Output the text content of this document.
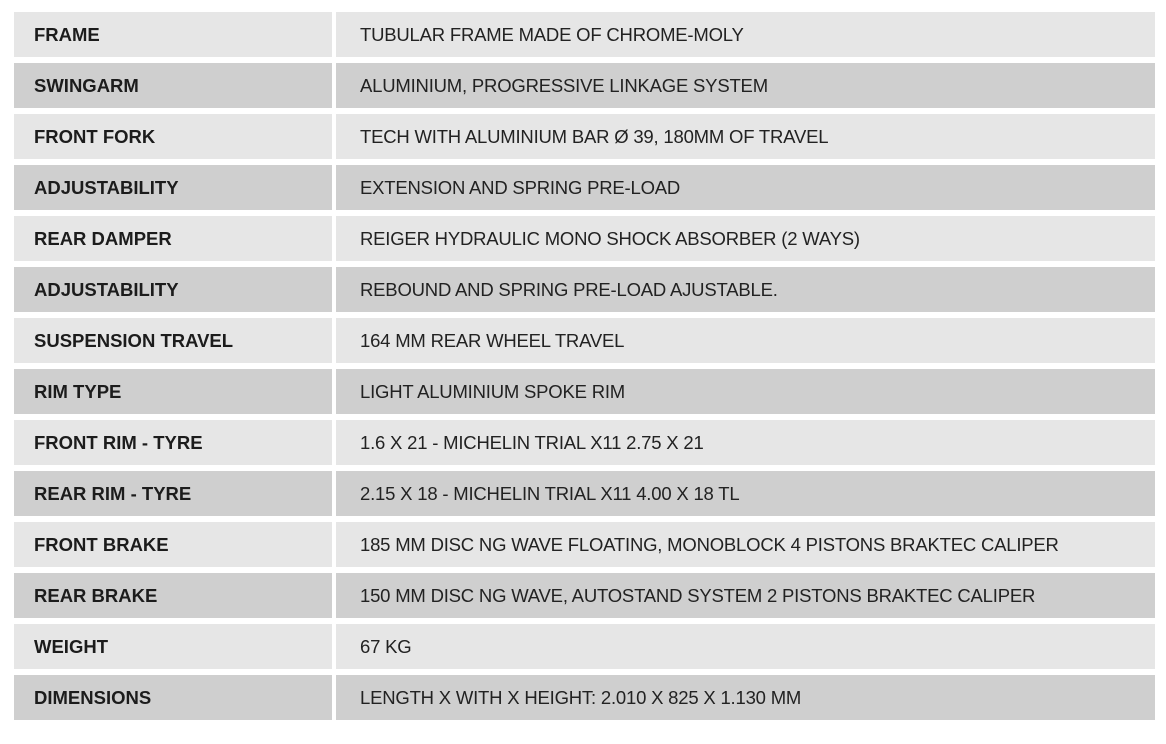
FRAME	TUBULAR FRAME MADE OF CHROME-MOLY
SWINGARM	ALUMINIUM, PROGRESSIVE LINKAGE SYSTEM
FRONT FORK	TECH WITH ALUMINIUM BAR Ø 39, 180MM OF TRAVEL
ADJUSTABILITY	EXTENSION AND SPRING PRE-LOAD
REAR DAMPER	REIGER HYDRAULIC MONO SHOCK ABSORBER (2 WAYS)
ADJUSTABILITY	REBOUND AND SPRING PRE-LOAD AJUSTABLE.
SUSPENSION TRAVEL	164 MM REAR WHEEL TRAVEL
RIM TYPE	LIGHT ALUMINIUM SPOKE RIM
FRONT RIM - TYRE	1.6 X 21 - MICHELIN TRIAL X11 2.75 X 21
REAR RIM - TYRE	2.15 X 18 - MICHELIN TRIAL X11 4.00 X 18 TL
FRONT BRAKE	185 MM DISC NG WAVE FLOATING, MONOBLOCK 4 PISTONS BRAKTEC CALIPER
REAR BRAKE	150 MM DISC NG WAVE, AUTOSTAND SYSTEM 2 PISTONS BRAKTEC CALIPER
WEIGHT	67 KG
DIMENSIONS	LENGTH X WITH X HEIGHT: 2.010 X 825 X 1.130 MM
